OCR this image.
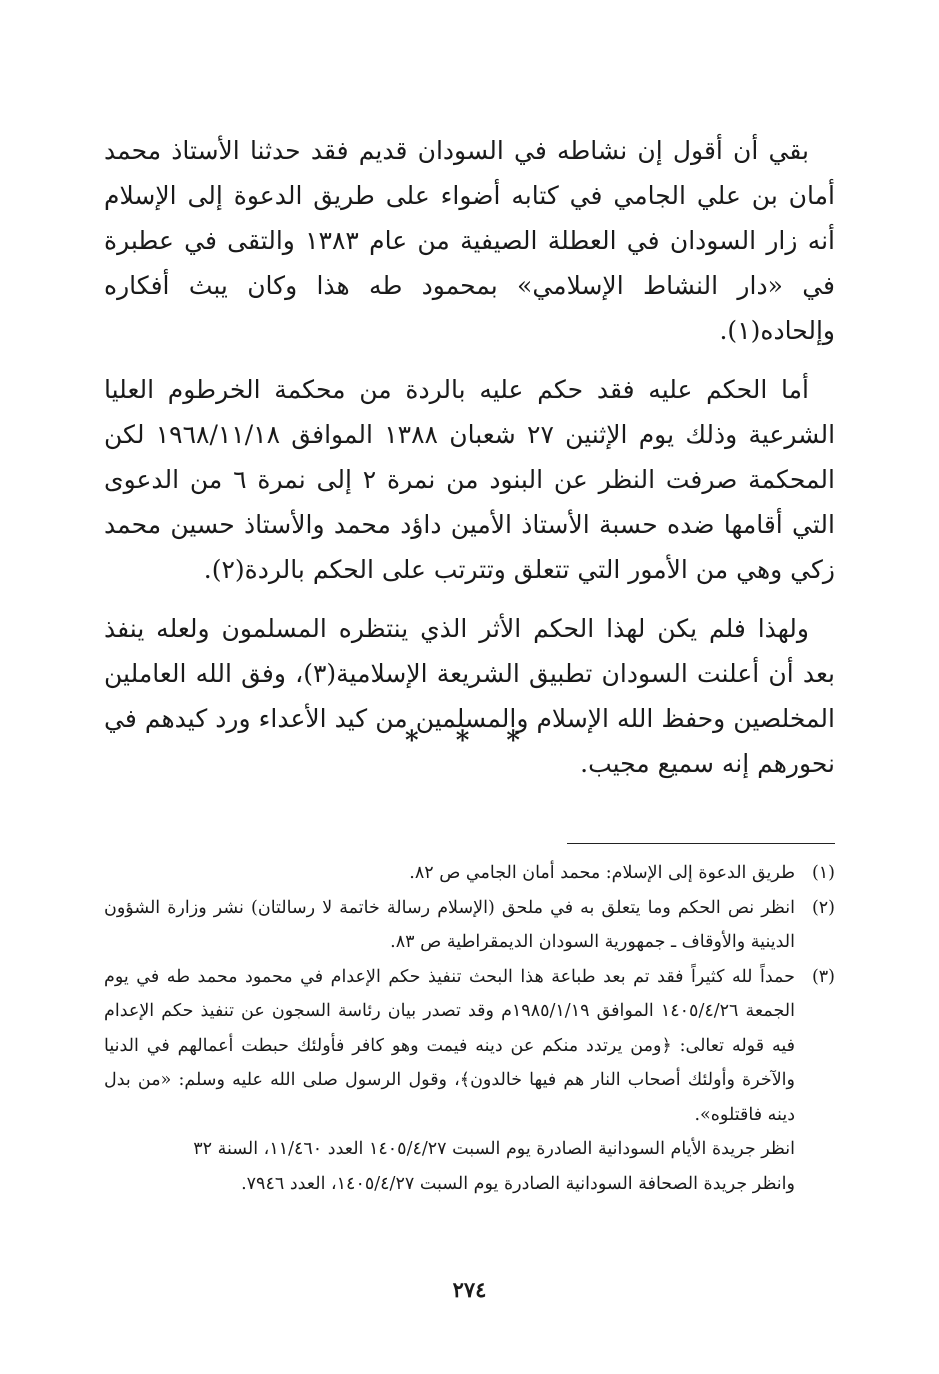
بقي أن أقول إن نشاطه في السودان قديم فقد حدثنا الأستاذ محمد أمان بن علي الجامي في كتابه أضواء على طريق الدعوة إلى الإسلام أنه زار السودان في العطلة الصيفية من عام ١٣٨٣ والتقى في عطبرة في «دار النشاط الإسلامي» بمحمود طه هذا وكان يبث أفكاره وإلحاده(١).

أما الحكم عليه فقد حكم عليه بالردة من محكمة الخرطوم العليا الشرعية وذلك يوم الإثنين ٢٧ شعبان ١٣٨٨ الموافق ١٩٦٨/١١/١٨ لكن المحكمة صرفت النظر عن البنود من نمرة ٢ إلى نمرة ٦ من الدعوى التي أقامها ضده حسبة الأستاذ الأمين داؤد محمد والأستاذ حسين محمد زكي وهي من الأمور التي تتعلق وتترتب على الحكم بالردة(٢).

ولهذا فلم يكن لهذا الحكم الأثر الذي ينتظره المسلمون ولعله ينفذ بعد أن أعلنت السودان تطبيق الشريعة الإسلامية(٣)، وفق الله العاملين المخلصين وحفظ الله الإسلام والمسلمين من كيد الأعداء ورد كيدهم في نحورهم إنه سميع مجيب.

* * *
(١)

طريق الدعوة إلى الإسلام: محمد أمان الجامي ص ٨٢.

(٢)

انظر نص الحكم وما يتعلق به في ملحق (الإسلام رسالة خاتمة لا رسالتان) نشر وزارة الشؤون الدينية والأوقاف ـ جمهورية السودان الديمقراطية ص ٨٣.

(٣)

حمداً لله كثيراً فقد تم بعد طباعة هذا البحث تنفيذ حكم الإعدام في محمود محمد طه في يوم الجمعة ١٤٠٥/٤/٢٦ الموافق ١٩٨٥/١/١٩م وقد تصدر بيان رئاسة السجون عن تنفيذ حكم الإعدام فيه قوله تعالى: ﴿ومن يرتدد منكم عن دينه فيمت وهو كافر فأولئك حبطت أعمالهم في الدنيا والآخرة وأولئك أصحاب النار هم فيها خالدون﴾، وقول الرسول صلى الله عليه وسلم: «من بدل دينه فاقتلوه».

انظر جريدة الأيام السودانية الصادرة يوم السبت ١٤٠٥/٤/٢٧ العدد ١١/٤٦٠، السنة ٣٢

وانظر جريدة الصحافة السودانية الصادرة يوم السبت ١٤٠٥/٤/٢٧، العدد ٧٩٤٦.

٢٧٤
